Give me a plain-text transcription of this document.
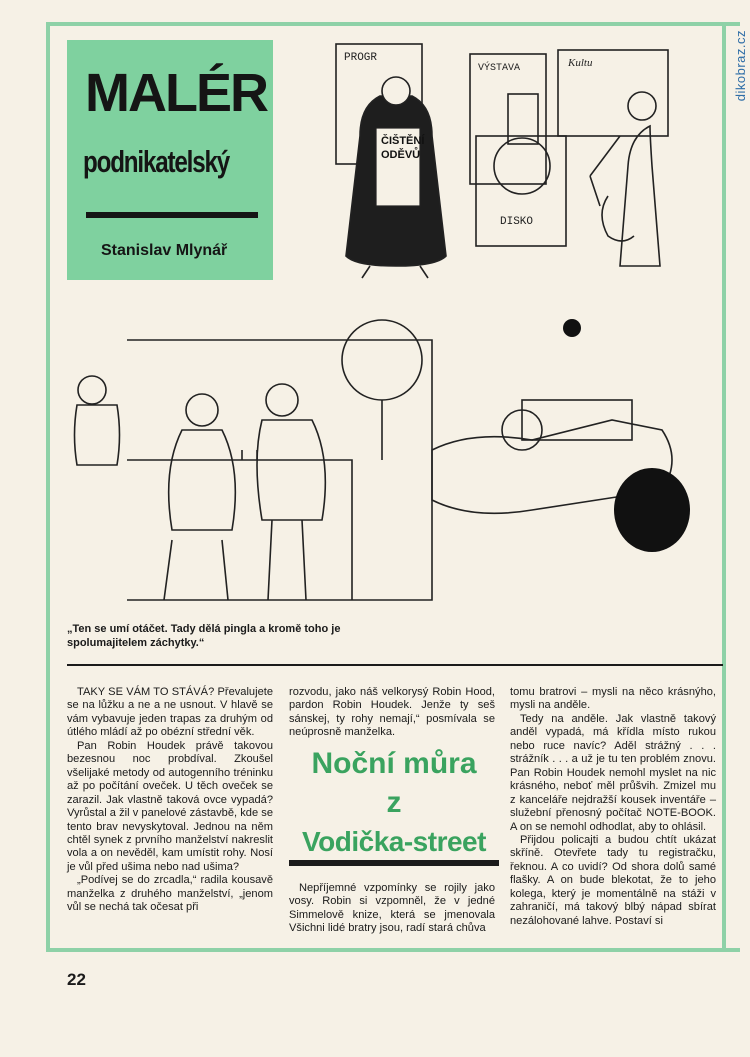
dikobraz.cz
MALÉR
podnikatelský
Stanislav Mlynář
ČIŠTĚNÍ
ODĚVŮ
PROGR
VÝSTAVA	Kultu
DISKO
„Ten se umí otáčet. Tady dělá pingla a kromě toho je spolumajitelem záchytky.“

TAKY SE VÁM TO STÁVÁ? Převalujete se na lůžku a ne a ne usnout. V hlavě se vám vybavuje jeden trapas za druhým od útlého mládí až po obézní střední věk.

Pan Robin Houdek právě takovou bezesnou noc probdíval. Zkoušel všelijaké metody od autogenního tréninku až po počítání oveček. U těch oveček se zarazil. Jak vlastně taková ovce vypadá? Vyrůstal a žil v panelové zástavbě, kde se tento brav nevyskytoval. Jednou na něm chtěl synek z prvního manželství nakreslit vola a on nevěděl, kam umístit rohy. Nosí je vůl před ušima nebo nad ušima?

„Podívej se do zrcadla,“ radila kousavě manželka z druhého manželství, „jenom vůl se nechá tak očesat při

rozvodu, jako náš velkorysý Robin Hood, pardon Robin Houdek. Jenže ty seš sánskej, ty rohy nemají,“ posmívala se neúprosně manželka.

Noční můra
z
Vodička-street

Nepříjemné vzpomínky se rojily jako vosy. Robin si vzpomněl, že v jedné Simmelově knize, která se jmenovala Všichni lidé bratry jsou, radí stará chůva

tomu bratrovi – mysli na něco krásnýho, mysli na anděle.

Tedy na anděle. Jak vlastně takový anděl vypadá, má křídla místo rukou nebo ruce navíc? Aděl strážný . . . strážník . . . a už je tu ten problém znovu. Pan Robin Houdek nemohl myslet na nic krásného, neboť měl průšvih. Zmizel mu z kanceláře nejdražší kousek inventáře – služební přenosný počítač NOTE-BOOK. A on se nemohl odhodlat, aby to ohlásil.

Přijdou policajti a budou chtít ukázat skříně. Otevřete tady tu registračku, řeknou. A co uvidí? Od shora dolů samé flašky. A on bude blekotat, že to jeho kolega, který je momentálně na stáži v zahraničí, má takový blbý nápad sbírat nezálohované lahve. Postaví si

22
